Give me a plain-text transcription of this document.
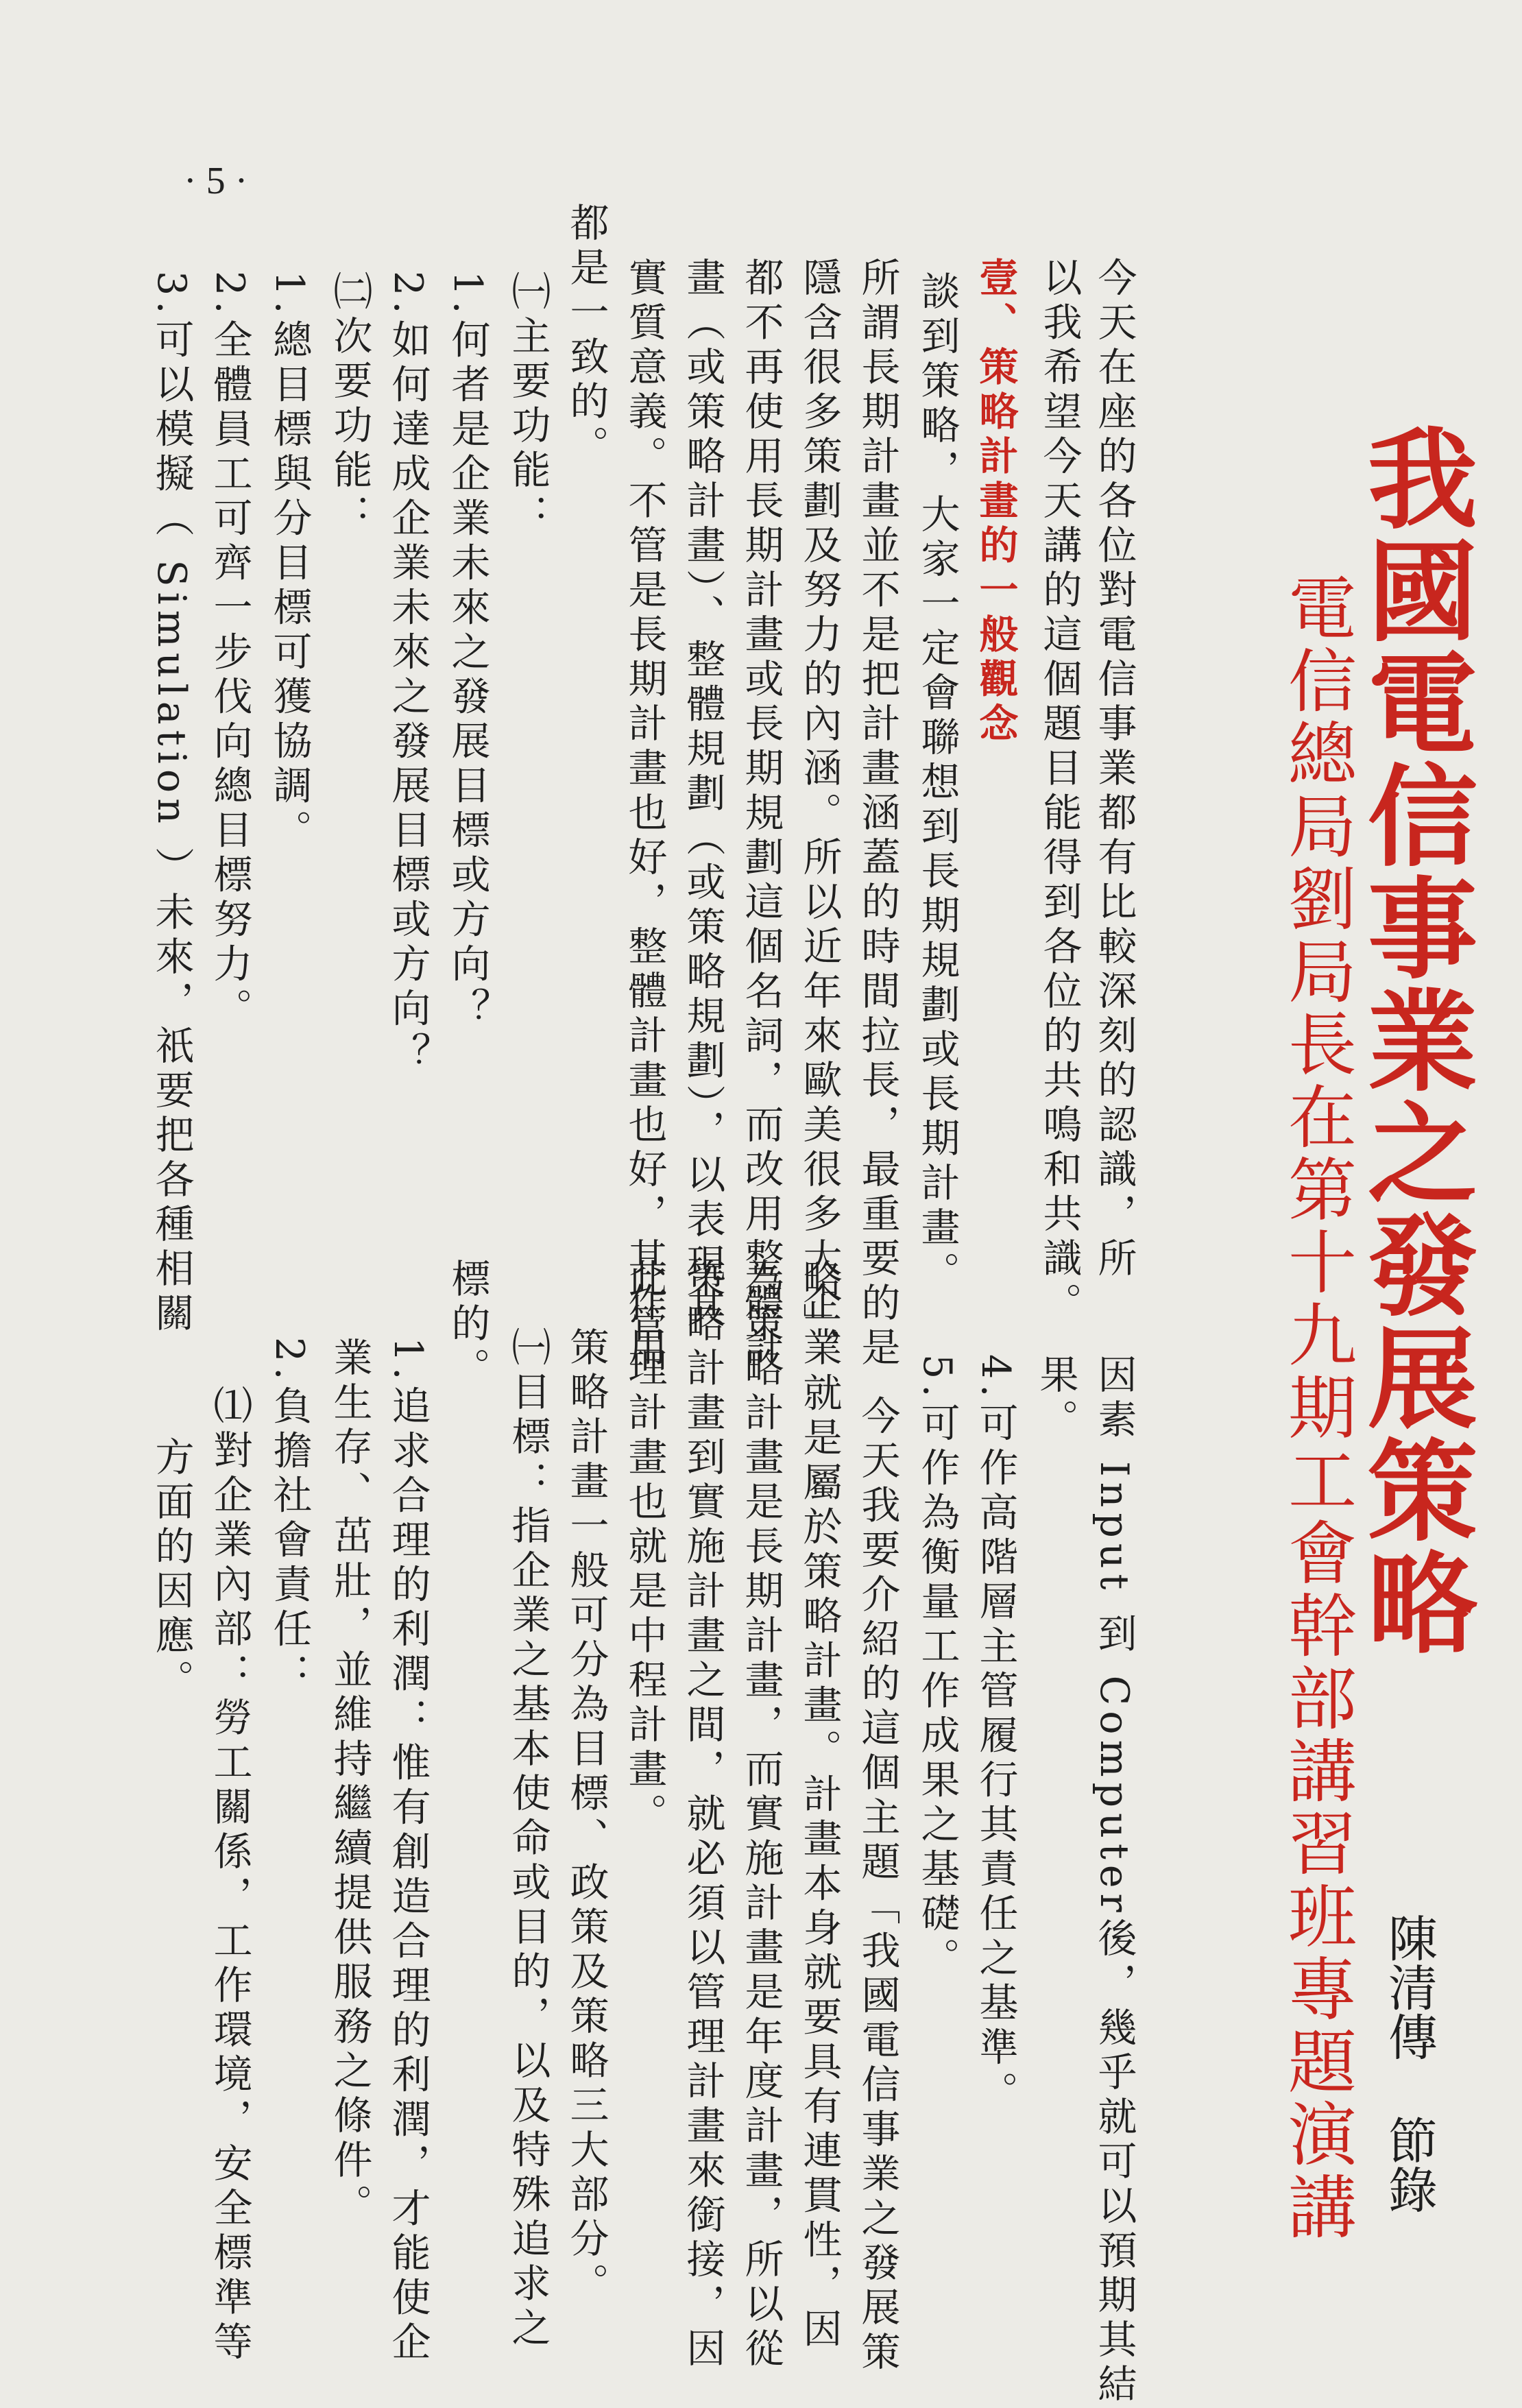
· 5 ·
我國電信事業之發展策略
電信總局劉局長在第十九期工會幹部講習班專題演講 陳清傳
節錄
今天在座的各位對電信事業都有比較深刻的認識，所
以我希望今天講的這個題目能得到各位的共鳴和共識。
壹、策略計畫的一般觀念
談到策略，大家一定會聯想到長期規劃或長期計畫。
所謂長期計畫並不是把計畫涵蓋的時間拉長，最重要的是
隱含很多策劃及努力的內涵。所以近年來歐美很多大企業
都不再使用長期計畫或長期規劃這個名詞，而改用整體計
畫（或策略計畫）、整體規劃（或策略規劃），以表現其
實質意義。不管是長期計畫也好，整體計畫也好，其作用
都是一致的。
㈠主要功能：
1.何者是企業未來之發展目標或方向？
2.如何達成企業未來之發展目標或方向？
㈡次要功能：
1.總目標與分目標可獲協調。
2.全體員工可齊一步伐向總目標努力。
3.可以模擬（ Simulation ）未來，祇要把各種相關
因素 Input 到 Computer後，幾乎就可以預期其結
果。
4.可作高階層主管履行其責任之基準。
5.可作為衡量工作成果之基礎。
今天我要介紹的這個主題「我國電信事業之發展策
略」，就是屬於策略計畫。計畫本身就要具有連貫性，因
為策略計畫是長期計畫，而實施計畫是年度計畫，所以從
策略計畫到實施計畫之間，就必須以管理計畫來銜接，因
此管理計畫也就是中程計畫。
策略計畫一般可分為目標、政策及策略三大部分。
㈠目標：指企業之基本使命或目的，以及特殊追求之
標的。
1.追求合理的利潤：惟有創造合理的利潤，才能使企
業生存、茁壯，並維持繼續提供服務之條件。
2.負擔社會責任：
⑴對企業內部：勞工關係，工作環境，安全標準等
方面的因應。
